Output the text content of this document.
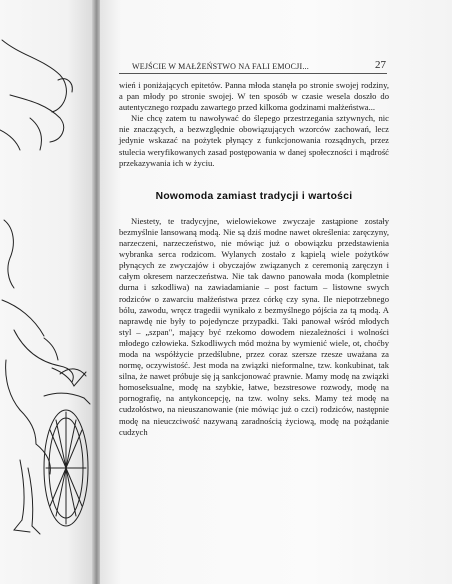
WEJŚCIE W MAŁŻEŃSTWO NA FALI EMOCJI...	27

wień i poniżających epitetów. Panna młoda stanęła po stronie swojej rodziny, a pan młody po stronie swojej. W ten sposób w czasie wesela doszło do autentycznego rozpadu zawartego przed kilkoma godzinami małżeństwa...

Nie chcę zatem tu nawoływać do ślepego przestrzegania sztywnych, nic nie znaczących, a bezwzględnie obowiązujących wzorców zachowań, lecz jedynie wskazać na pożytek płynący z funkcjonowania rozsądnych, przez stulecia weryfikowanych zasad postępowania w danej społeczności i mądrość przekazywania ich w życiu.

Nowomoda zamiast tradycji i wartości

Niestety, te tradycyjne, wielowiekowe zwyczaje zastąpione zostały bezmyślnie lansowaną modą. Nie są dziś modne nawet określenia: zaręczyny, narzeczeni, narzeczeństwo, nie mówiąc już o obowiązku przedstawienia wybranka serca rodzicom. Wylanych zostało z kąpielą wiele pożytków płynących ze zwyczajów i obyczajów związanych z ceremonią zaręczyn i całym okresem narzeczeństwa. Nie tak dawno panowała moda (kompletnie durna i szkodliwa) na zawiadamianie – post factum – listowne swych rodziców o zawarciu małżeństwa przez córkę czy syna. Ile niepotrzebnego bólu, zawodu, wręcz tragedii wynikało z bezmyślnego pójścia za tą modą. A naprawdę nie były to pojedyncze przypadki. Taki panował wśród młodych styl – „szpan", mający być rzekomo dowodem niezależności i wolności młodego człowieka. Szkodliwych mód można by wymienić wiele, ot, choćby moda na współżycie przedślubne, przez coraz szersze rzesze uważana za normę, oczywistość. Jest moda na związki nieformalne, tzw. konkubinat, tak silna, że nawet próbuje się ją sankcjonować prawnie. Mamy modę na związki homoseksualne, modę na szybkie, łatwe, bezstresowe rozwody, modę na pornografię, na antykoncepcję, na tzw. wolny seks. Mamy też modę na cudzołóstwo, na nieuszanowanie (nie mówiąc już o czci) rodziców, następnie modę na nieuczciwość nazywaną zaradnością życiową, modę na pożądanie cudzych
